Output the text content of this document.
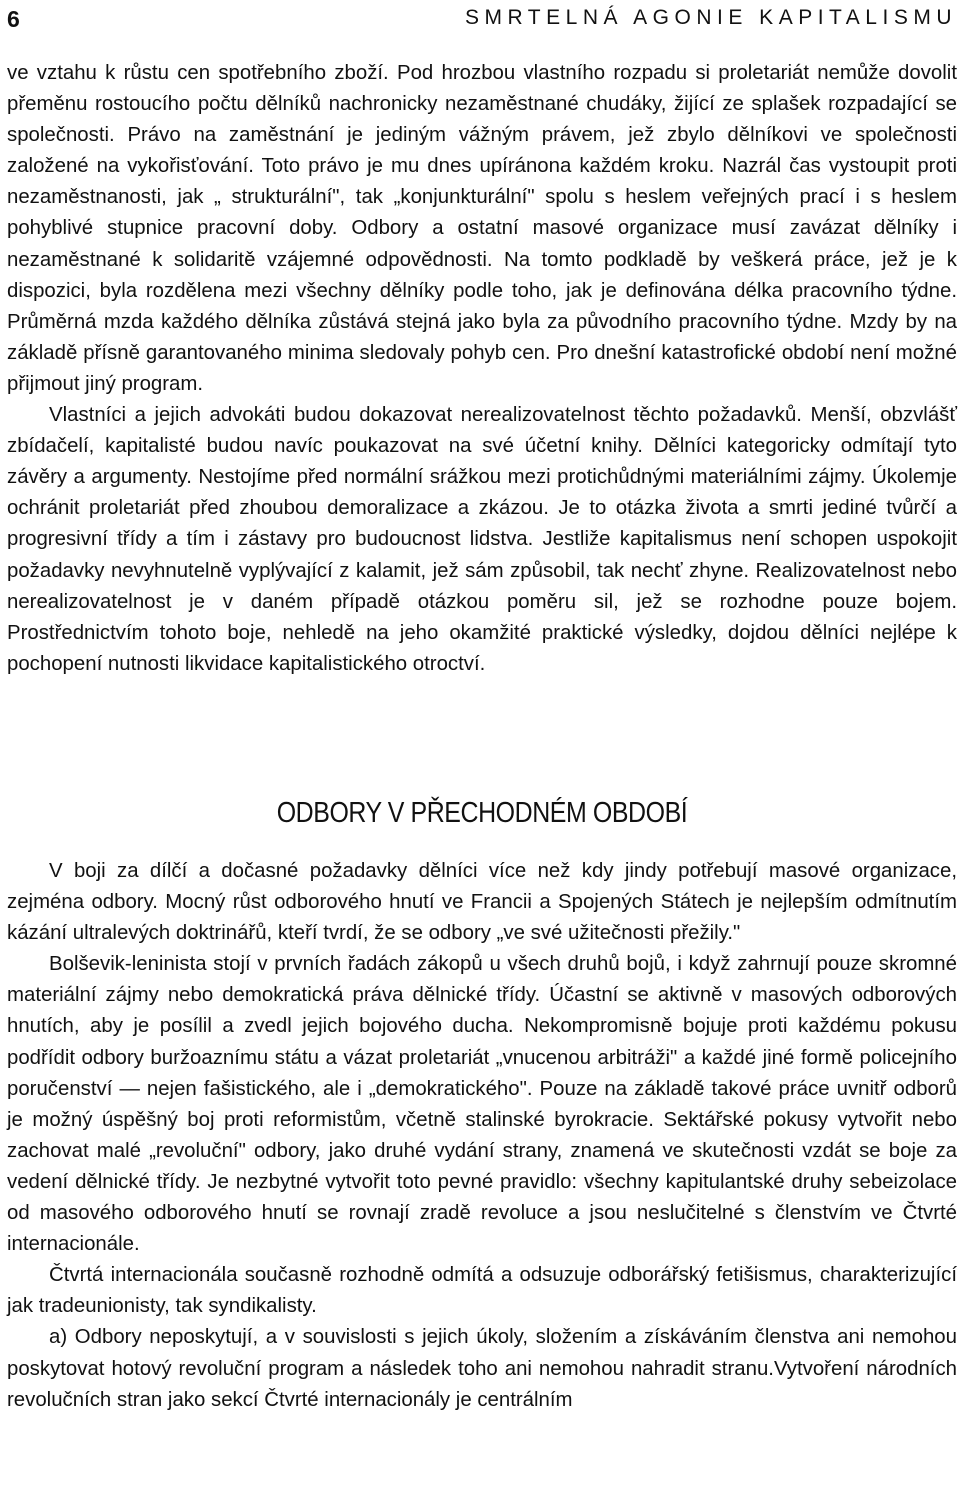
6	SMRTELNÁ AGONIE KAPITALISMU

ve vztahu k růstu cen spotřebního zboží. Pod hrozbou vlastního rozpadu si proletariát nemůže dovolit přeměnu rostoucího počtu dělníků nachronicky nezaměstnané chudáky, žijící ze splašek rozpadající se společnosti. Právo na zaměstnání je jediným vážným právem, jež zbylo dělníkovi ve společnosti založené na vykořisťování. Toto právo je mu dnes upíránona každém kroku. Nazrál čas vystoupit proti nezaměstnanosti, jak „ strukturální", tak „konjunkturální" spolu s heslem veřejných prací i s heslem pohyblivé stupnice pracovní doby. Odbory a ostatní masové organizace musí zavázat dělníky i nezaměstnané k solidaritě vzájemné odpovědnosti. Na tomto podkladě by veškerá práce, jež je k dispozici, byla rozdělena mezi všechny dělníky podle toho, jak je definována délka pracovního týdne. Průměrná mzda každého dělníka zůstává stejná jako byla za původního pracovního týdne. Mzdy by na základě přísně garantovaného minima sledovaly pohyb cen. Pro dnešní katastrofické období není možné přijmout jiný program.

Vlastníci a jejich advokáti budou dokazovat nerealizovatelnost těchto požadavků. Menší, obzvlášť zbídačelí, kapitalisté budou navíc poukazovat na své účetní knihy. Dělníci kategoricky odmítají tyto závěry a argumenty. Nestojíme před normální srážkou mezi protichůdnými materiálními zájmy. Úkolemje ochránit proletariát před zhoubou demoralizace a zkázou. Je to otázka života a smrti jediné tvůrčí a progresivní třídy a tím i zástavy pro budoucnost lidstva. Jestliže kapitalismus není schopen uspokojit požadavky nevyhnutelně vyplývající z kalamit, jež sám způsobil, tak nechť zhyne. Realizovatelnost nebo nerealizovatelnost je v daném případě otázkou poměru sil, jež se rozhodne pouze bojem. Prostřednictvím tohoto boje, nehledě na jeho okamžité praktické výsledky, dojdou dělníci nejlépe k pochopení nutnosti likvidace kapitalistického otroctví.

ODBORY V PŘECHODNÉM OBDOBÍ

V boji za dílčí a dočasné požadavky dělníci více než kdy jindy potřebují masové organizace, zejména odbory. Mocný růst odborového hnutí ve Francii a Spojených Státech je nejlepším odmítnutím kázání ultralevých doktrinářů, kteří tvrdí, že se odbory „ve své užitečnosti přežily."

Bolševik-leninista stojí v prvních řadách zákopů u všech druhů bojů, i když zahrnují pouze skromné materiální zájmy nebo demokratická práva dělnické třídy. Účastní se aktivně v masových odborových hnutích, aby je posílil a zvedl jejich bojového ducha. Nekompromisně bojuje proti každému pokusu podřídit odbory buržoaznímu státu a vázat proletariát „vnucenou arbitráži" a každé jiné formě policejního poručenství — nejen fašistického, ale i „demokratického". Pouze na základě takové práce uvnitř odborů je možný úspěšný boj proti reformistům, včetně stalinské byrokracie. Sektářské pokusy vytvořit nebo zachovat malé „revoluční" odbory, jako druhé vydání strany, znamená ve skutečnosti vzdát se boje za vedení dělnické třídy. Je nezbytné vytvořit toto pevné pravidlo: všechny kapitulantské druhy sebeizolace od masového odborového hnutí se rovnají zradě revoluce a jsou neslučitelné s členstvím ve Čtvrté internacionále.

Čtvrtá internacionála současně rozhodně odmítá a odsuzuje odborářský fetišismus, charakterizující jak tradeunionisty, tak syndikalisty.

a) Odbory neposkytují, a v souvislosti s jejich úkoly, složením a získáváním členstva ani nemohou poskytovat hotový revoluční program a následek toho ani nemohou nahradit stranu.Vytvoření národních revolučních stran jako sekcí Čtvrté internacionály je centrálním
